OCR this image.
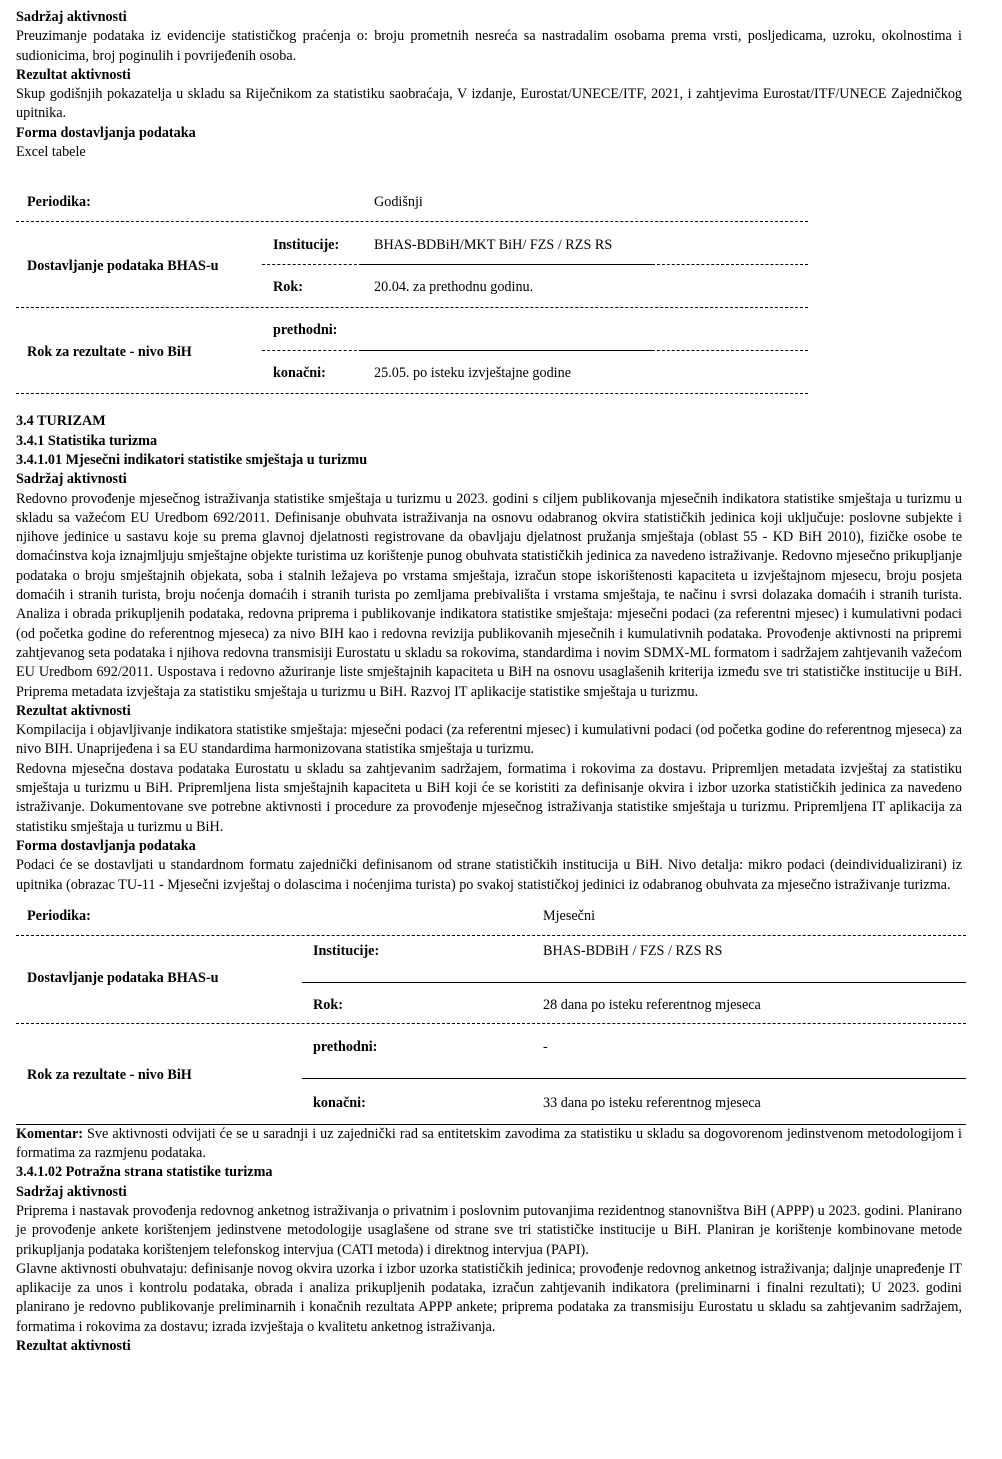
Sadržaj aktivnosti

Preuzimanje podataka iz evidencije statističkog praćenja o: broju prometnih nesreća sa nastradalim osobama prema vrsti, posljedicama, uzroku, okolnostima i sudionicima, broj poginulih i povrijeđenih osoba.

Rezultat aktivnosti

Skup godišnjih pokazatelja u skladu sa Riječnikom za statistiku saobraćaja, V izdanje, Eurostat/UNECE/ITF, 2021, i zahtjevima Eurostat/ITF/UNECE Zajedničkog upitnika.

Forma dostavljanja podataka

Excel tabele

Periodika:	Godišnji
Institucije: BHAS-BDBiH/MKT BiH/ FZS / RZS RS
Dostavljanje podataka BHAS-u
Rok:	20.04. za prethodnu godinu.
prethodni:
Rok za rezultate - nivo BiH
konačni:	25.05. po isteku izvještajne godine
3.4 TURIZAM
3.4.1 Statistika turizma
3.4.1.01 Mjesečni indikatori statistike smještaja u turizmu
Sadržaj aktivnosti

Redovno provođenje mjesečnog istraživanja statistike smještaja u turizmu u 2023. godini s ciljem publikovanja mjesečnih indikatora statistike smještaja u turizmu u skladu sa važećom EU Uredbom 692/2011. Definisanje obuhvata istraživanja na osnovu odabranog okvira statističkih jedinica koji uključuje: poslovne subjekte i njihove jedinice u sastavu koje su prema glavnoj djelatnosti registrovane da obavljaju djelatnost pružanja smještaja (oblast 55 - KD BiH 2010), fizičke osobe te domaćinstva koja iznajmljuju smještajne objekte turistima uz korištenje punog obuhvata statističkih jedinica za navedeno istraživanje. Redovno mjesečno prikupljanje podataka o broju smještajnih objekata, soba i stalnih ležajeva po vrstama smještaja, izračun stope iskorištenosti kapaciteta u izvještajnom mjesecu, broju posjeta domaćih i stranih turista, broju noćenja domaćih i stranih turista po zemljama prebivališta i vrstama smještaja, te načinu i svrsi dolazaka domaćih i stranih turista. Analiza i obrada prikupljenih podataka, redovna priprema i publikovanje indikatora statistike smještaja: mjesečni podaci (za referentni mjesec) i kumulativni podaci (od početka godine do referentnog mjeseca) za nivo BIH kao i redovna revizija publikovanih mjesečnih i kumulativnih podataka. Provođenje aktivnosti na pripremi zahtjevanog seta podataka i njihova redovna transmisiji Eurostatu u skladu sa rokovima, standardima i novim SDMX-ML formatom i sadržajem zahtjevanih važećom EU Uredbom 692/2011. Uspostava i redovno ažuriranje liste smještajnih kapaciteta u BiH na osnovu usaglašenih kriterija između sve tri statističke institucije u BiH. Priprema metadata izvještaja za statistiku smještaja u turizmu u BiH. Razvoj IT aplikacije statistike smještaja u turizmu.

Rezultat aktivnosti

Kompilacija i objavljivanje indikatora statistike smještaja: mjesečni podaci (za referentni mjesec) i kumulativni podaci (od početka godine do referentnog mjeseca) za nivo BIH. Unapriјеđena i sa EU standardima harmonizovana statistika smještaja u turizmu.

Redovna mjesečna dostava podataka Eurostatu u skladu sa zahtjevanim sadržajem, formatima i rokovima za dostavu. Pripremljen metadata izvještaj za statistiku smještaja u turizmu u BiH. Pripremljena lista smještajnih kapaciteta u BiH koji će se koristiti za definisanje okvira i izbor uzorka statističkih jedinica za navedeno istraživanje. Dokumentovane sve potrebne aktivnosti i procedure za provođenje mjesečnog istraživanja statistike smještaja u turizmu. Pripremljena IT aplikacija za statistiku smještaja u turizmu u BiH.

Forma dostavljanja podataka

Podaci će se dostavljati u standardnom formatu zajednički definisanom od strane statističkih institucija u BiH. Nivo detalja: mikro podaci (deindividualizirani) iz upitnika (obrazac TU-11 - Mjesečni izvještaj o dolascima i noćenjima turista) po svakoj statističkoj jedinici iz odabranog obuhvata za mjesečno istraživanje turizma.

Periodika:	Mjesečni
Institucije:	BHAS-BDBiH / FZS / RZS RS
Dostavljanje podataka BHAS-u
Rok:	28 dana po isteku referentnog mjeseca
prethodni:	-
Rok za rezultate - nivo BiH
konačni:	33 dana po isteku referentnog mjeseca

Komentar: Sve aktivnosti odvijati će se u saradnji i uz zajednički rad sa entitetskim zavodima za statistiku u skladu sa dogovorenom jedinstvenom metodologijom i formatima za razmjenu podataka.

3.4.1.02 Potražna strana statistike turizma
Sadržaj aktivnosti

Priprema i nastavak provođenja redovnog anketnog istraživanja o privatnim i poslovnim putovanjima rezidentnog stanovništva BiH (APPP) u 2023. godini. Planirano je provođenje ankete korištenjem jedinstvene metodologije usaglašene od strane sve tri statističke institucije u BiH. Planiran je korištenje kombinovane metode prikupljanja podataka korištenjem telefonskog intervjua (CATI metoda) i direktnog intervjua (PAPI).

Glavne aktivnosti obuhvataju: definisanje novog okvira uzorka i izbor uzorka statističkih jedinica; provođenje redovnog anketnog istraživanja; daljnje unapređenje IT aplikacije za unos i kontrolu podataka, obrada i analiza prikupljenih podataka, izračun zahtjevanih indikatora (preliminarni i finalni rezultati); U 2023. godini planirano je redovno publikovanje preliminarnih i konačnih rezultata APPP ankete; priprema podataka za transmisiju Eurostatu u skladu sa zahtjevanim sadržajem, formatima i rokovima za dostavu; izrada izvještaja o kvalitetu anketnog istraživanja.

Rezultat aktivnosti
